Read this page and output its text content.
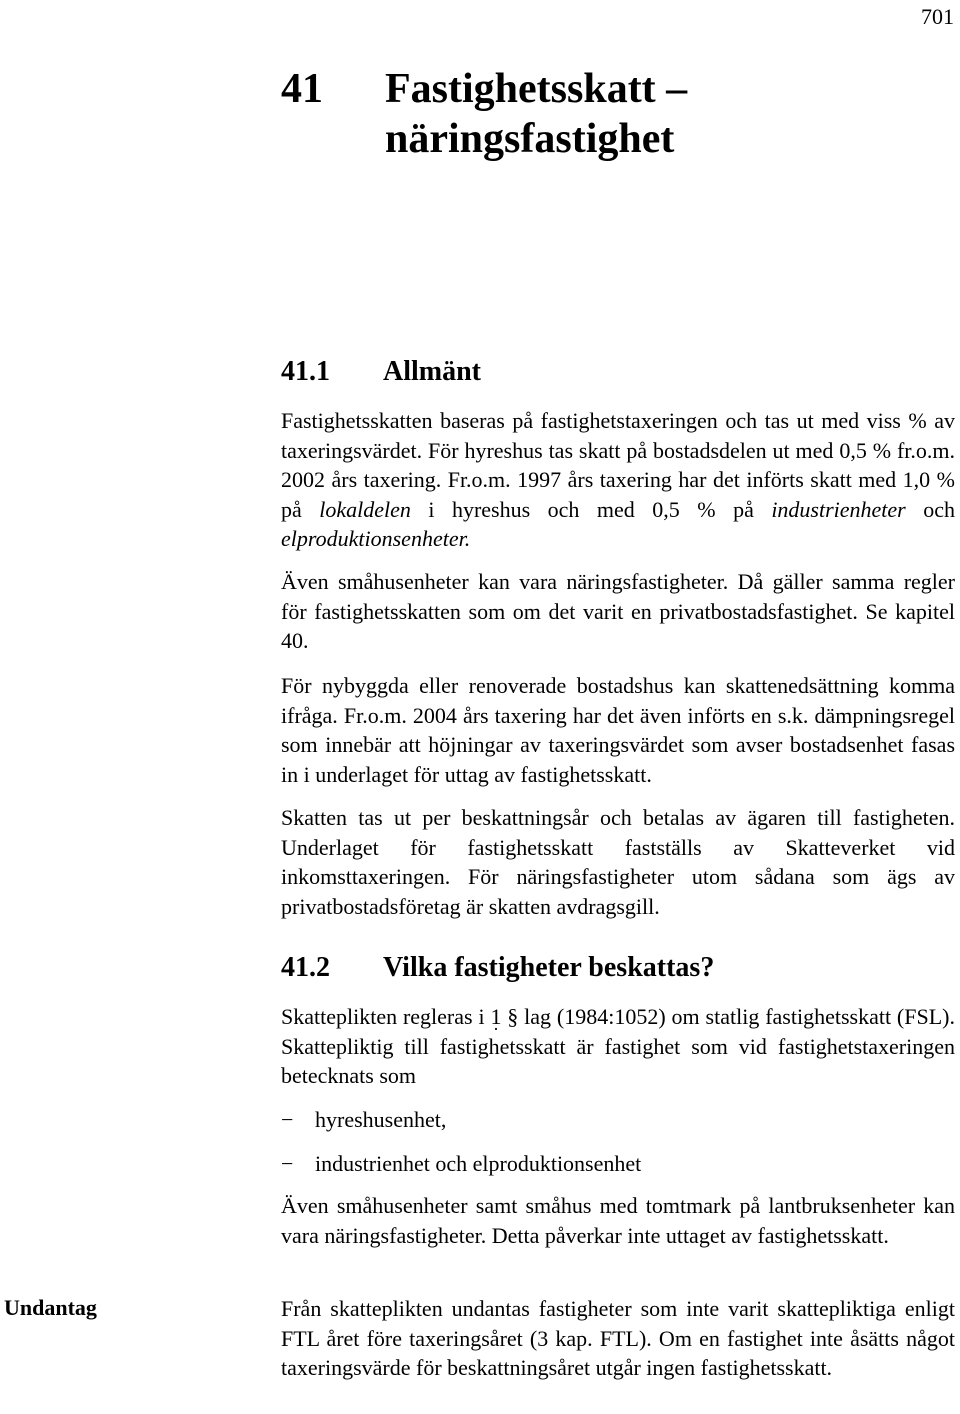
701
41	Fastighetsskatt – näringsfastighet
41.1	Allmänt

Fastighetsskatten baseras på fastighetstaxeringen och tas ut med viss % av taxeringsvärdet. För hyreshus tas skatt på bostadsdelen ut med 0,5 % fr.o.m. 2002 års taxering. Fr.o.m. 1997 års taxering har det införts skatt med 1,0 % på lokaldelen i hyreshus och med 0,5 % på industrienheter och elproduktionsenheter.

Även småhusenheter kan vara näringsfastigheter. Då gäller samma regler för fastighetsskatten som om det varit en privatbostadsfastighet. Se kapitel 40.

För nybyggda eller renoverade bostadshus kan skattenedsättning komma ifråga. Fr.o.m. 2004 års taxering har det även införts en s.k. dämpningsregel som innebär att höjningar av taxeringsvärdet som avser bostadsenhet fasas in i underlaget för uttag av fastighetsskatt.

Skatten tas ut per beskattningsår och betalas av ägaren till fastigheten. Underlaget för fastighetsskatt fastställs av Skatteverket vid inkomsttaxeringen. För näringsfastigheter utom sådana som ägs av privatbostadsföretag är skatten avdragsgill.

41.2	Vilka fastigheter beskattas?

Skatteplikten regleras i 1 . § lag (1984:1052) om statlig fastighetsskatt (FSL). Skattepliktig till fastighetsskatt är fastighet som vid fastighetstaxeringen betecknats som

− hyreshusenhet,
− industrienhet och elproduktionsenhet

Även småhusenheter samt småhus med tomtmark på lantbruksenheter kan vara näringsfastigheter. Detta påverkar inte uttaget av fastighetsskatt.

Undantag	Från skatteplikten undantas fastigheter som inte varit skattepliktiga enligt FTL året före taxeringsåret (3 kap. FTL). Om en fastighet inte åsätts något taxeringsvärde för beskattningsåret utgår ingen fastighetsskatt.
